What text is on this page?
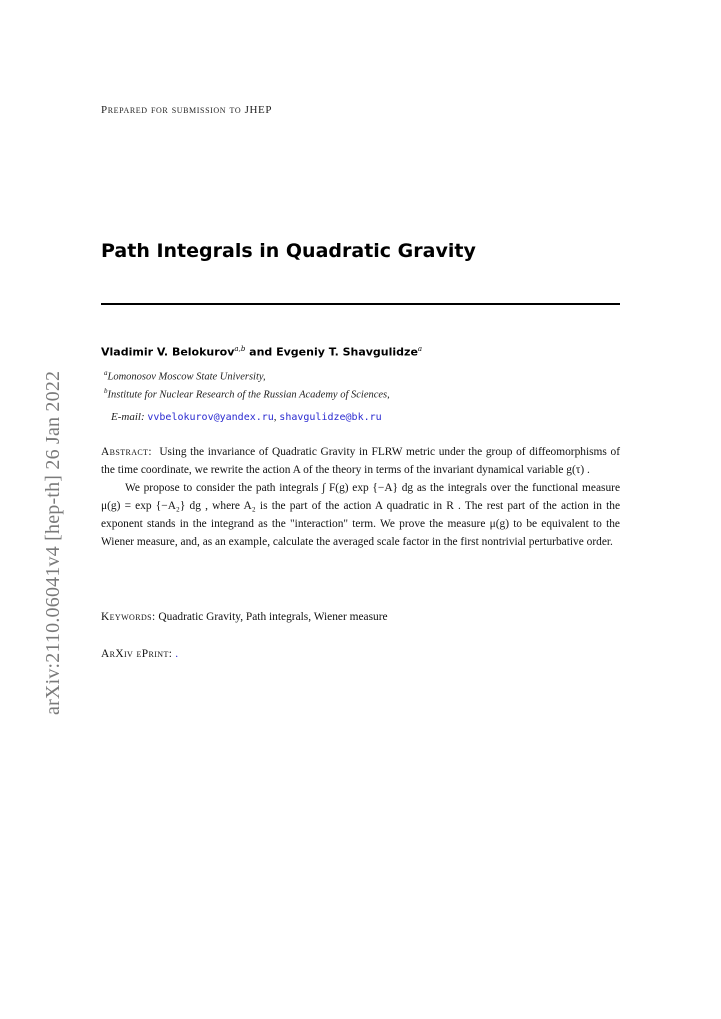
arXiv:2110.06041v4 [hep-th] 26 Jan 2022
Prepared for submission to JHEP
Path Integrals in Quadratic Gravity
Vladimir V. Belokurov$^{a,b}$ and Evgeniy T. Shavgulidze$^a$
$^a$Lomonosov Moscow State University,
$^b$Institute for Nuclear Research of the Russian Academy of Sciences,
E-mail: vvbelokurov@yandex.ru, shavgulidze@bk.ru

Abstract: Using the invariance of Quadratic Gravity in FLRW metric under the group of diffeomorphisms of the time coordinate, we rewrite the action A of the theory in terms of the invariant dynamical variable g(τ) .

We propose to consider the path integrals ∫ F(g) exp {−A} dg as the integrals over the functional measure μ(g) = exp {−A₂} dg , where A₂ is the part of the action A quadratic in R . The rest part of the action in the exponent stands in the integrand as the "interaction" term. We prove the measure μ(g) to be equivalent to the Wiener measure, and, as an example, calculate the averaged scale factor in the first nontrivial perturbative order.

Keywords: Quadratic Gravity, Path integrals, Wiener measure
ArXiv ePrint: .
